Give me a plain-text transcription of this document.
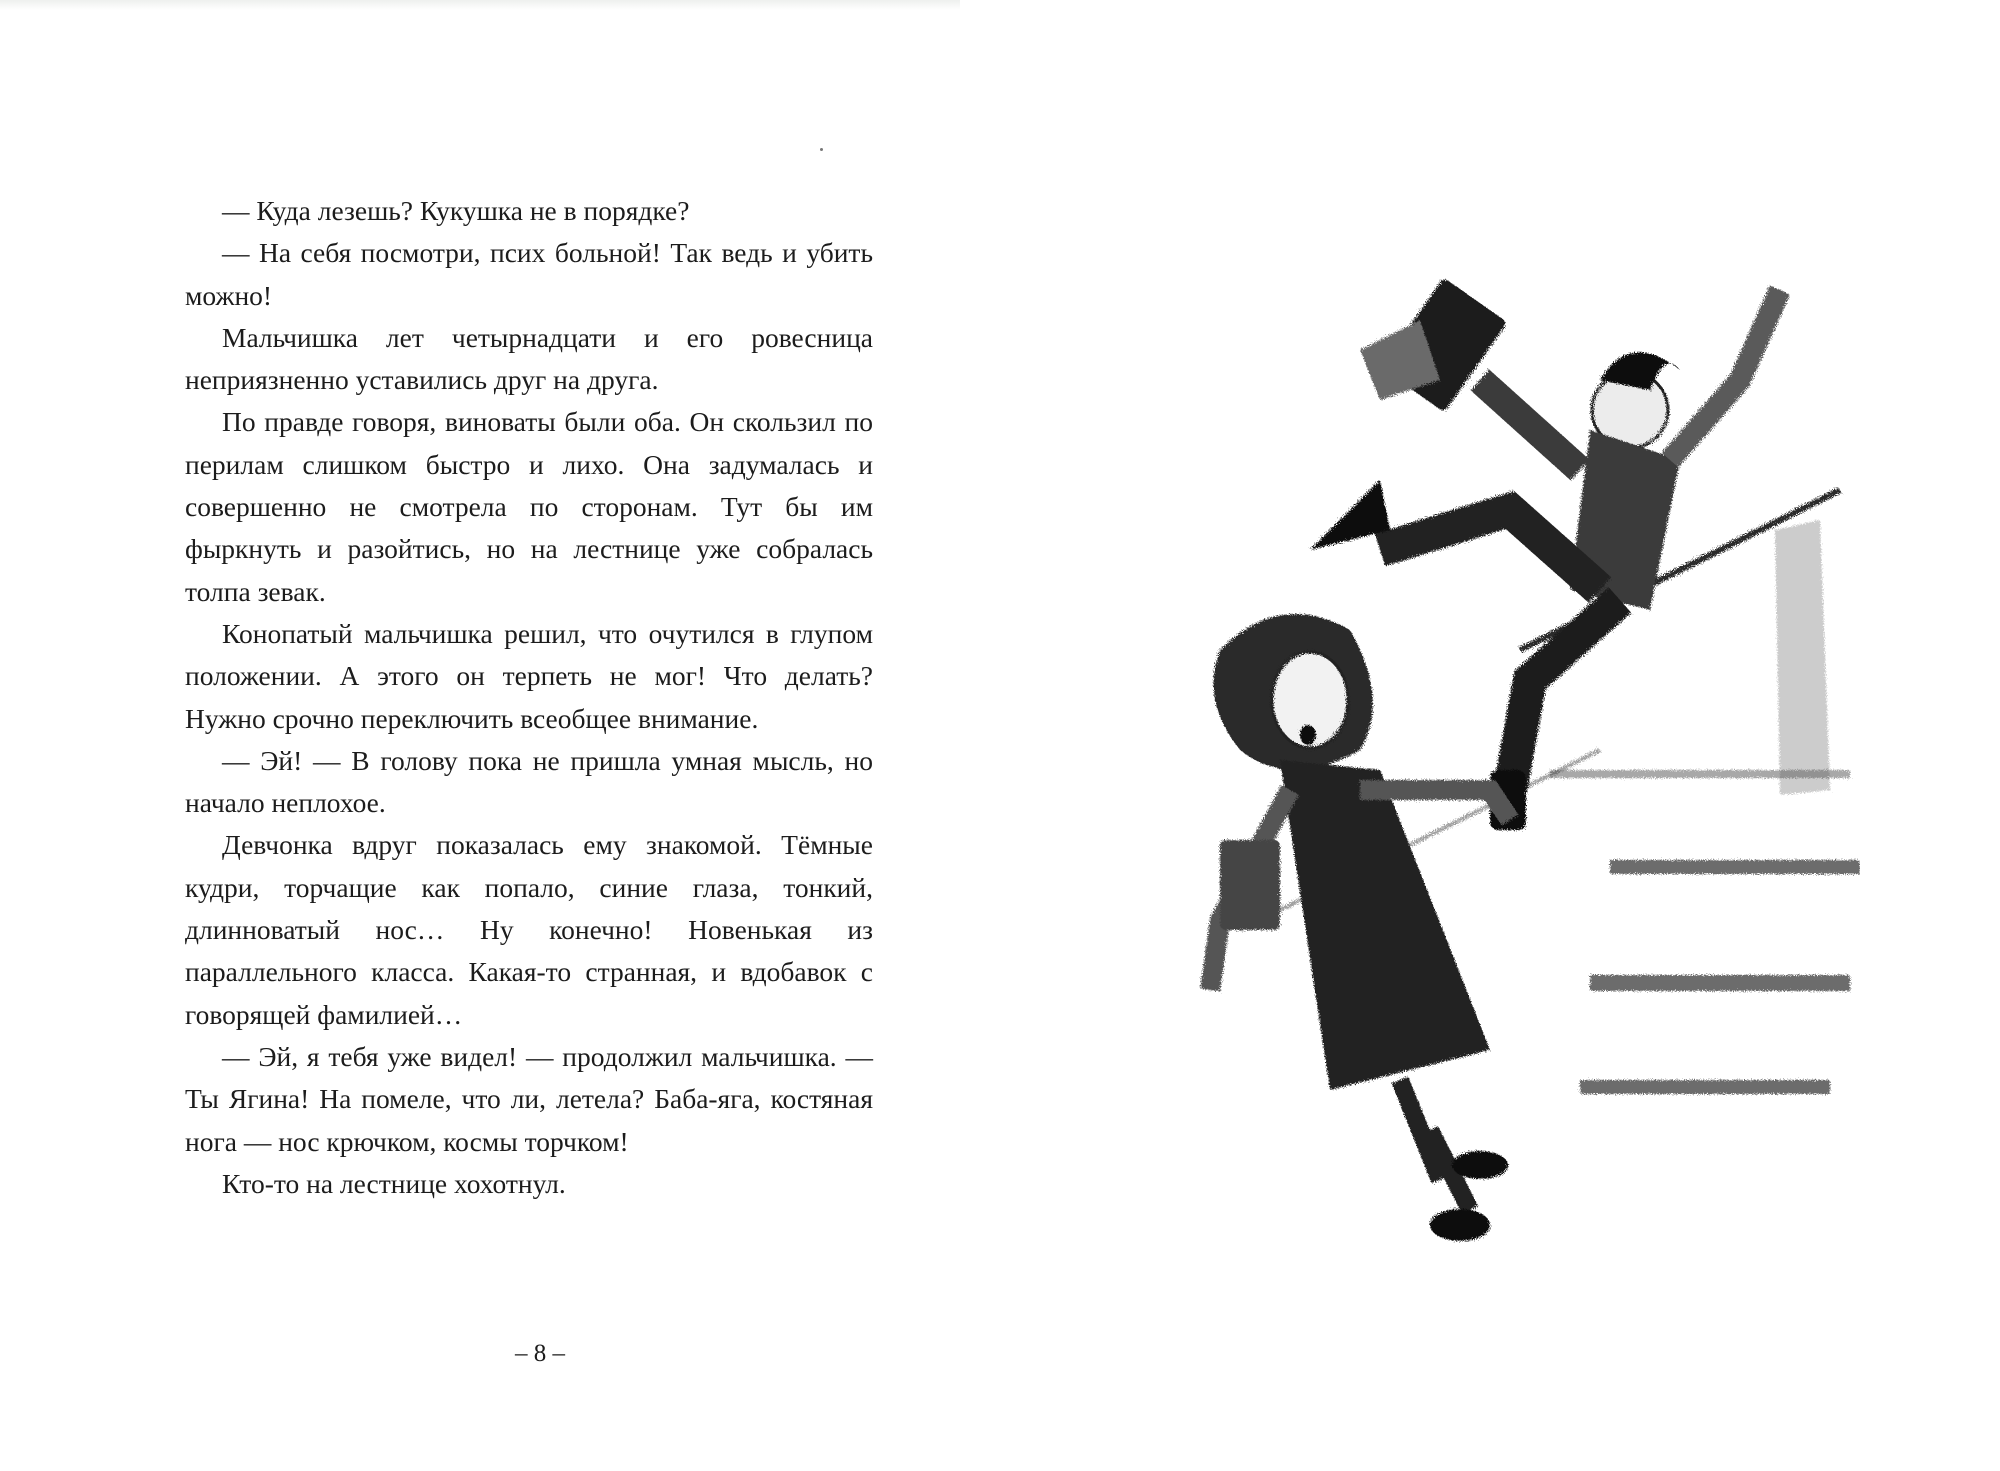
— Куда лезешь? Кукушка не в порядке?

— На себя посмотри, псих больной! Так ведь и убить можно!

Мальчишка лет четырнадцати и его ровесница неприязненно уставились друг на друга.

По правде говоря, виноваты были оба. Он скользил по перилам слишком быстро и лихо. Она задумалась и совершенно не смотрела по сторонам. Тут бы им фыркнуть и разойтись, но на лестнице уже собралась толпа зевак.

Конопатый мальчишка решил, что очутился в глупом положении. А этого он терпеть не мог! Что делать? Нужно срочно переключить всеобщее внимание.

— Эй! — В голову пока не пришла умная мысль, но начало неплохое.

Девчонка вдруг показалась ему знакомой. Тёмные кудри, торчащие как попало, синие глаза, тонкий, длинноватый нос… Ну конечно! Новенькая из параллельного класса. Какая-то странная, и вдобавок с говорящей фамилией…

— Эй, я тебя уже видел! — продолжил мальчишка. — Ты Ягина! На помеле, что ли, летела? Баба-яга, костяная нога — нос крючком, космы торчком!

Кто-то на лестнице хохотнул.

– 8 –
